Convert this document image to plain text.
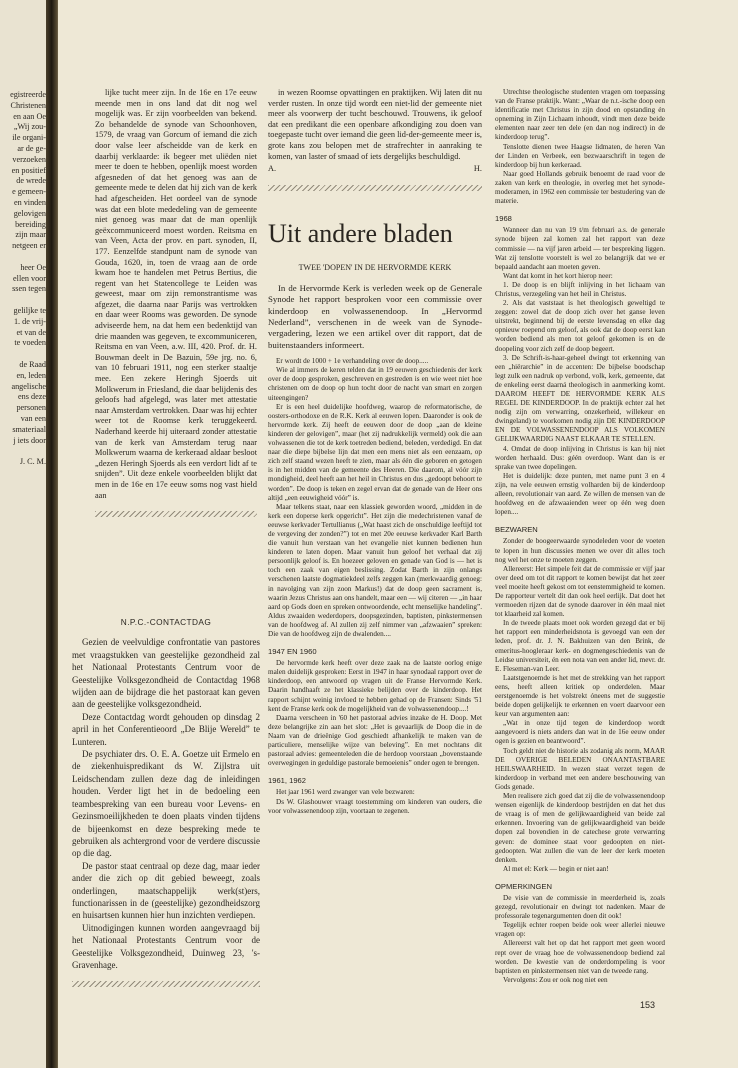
egistreerde
Christenen
en aan Oe
„Wij zou-
ile organi-
ar de ge-
verzoeken
en positief
de wrede
e gemeen-
en vinden
gelovigen
bereiding
zijn maar
netgeen er

heer Oe
ellen voor
ssen tegen

geliljke te
1. de vrij-
et van de
te voeden

de Raad
en, leden
angelische
ens deze
personen
van een
smateriaal
j iets door

J. C. M.

lijke tucht meer zijn. In de 16e en 17e eeuw meende men in ons land dat dit nog wel mogelijk was. Er zijn voorbeelden van bekend. Zo behandelde de synode van Schoonhoven, 1579, de vraag van Gorcum of iemand die zich door valse leer afscheidde van de kerk en daarbij verklaarde: ik begeer met uliëden niet meer te doen te hebben, openlijk moest worden afgesneden of dat het genoeg was aan de gemeente mede te delen dat hij zich van de kerk had afgescheiden. Het oordeel van de synode was dat een blote mededeling van de gemeente niet genoeg was maar dat de man openlijk geëxcommuniceerd moest worden. Reitsma en van Veen, Acta der prov. en part. synoden, II, 177. Eenzelfde standpunt nam de synode van Gouda, 1620, in, toen de vraag aan de orde kwam hoe te handelen met Petrus Bertius, die regent van het Statencollege te Leiden was geweest, maar om zijn remonstrantisme was afgezet, die daarna naar Parijs was vertrokken en daar weer Rooms was geworden. De synode adviseerde hem, na dat hem een bedenktijd van drie maanden was gegeven, te excommuniceren, Reitsma en van Veen, a.w. III, 420. Prof. dr. H. Bouwman deelt in De Bazuin, 59e jrg. no. 6, van 10 februari 1911, nog een sterker staaltje mee. Een zekere Heringh Sjoerds uit Molkwerum in Friesland, die daar belijdenis des geloofs had afgelegd, was later met attestatie naar Amsterdam vertrokken. Daar was hij echter weer tot de Roomse kerk teruggekeerd. Naderhand keerde hij uiteraard zonder attestatie van de kerk van Amsterdam terug naar Molkwerum waarna de kerkeraad aldaar besloot „dezen Heringh Sjoerds als een verdort lidt af te snijden”. Uit deze enkele voorbeelden blijkt dat men in de 16e en 17e eeuw soms nog vast hield aan

N.P.C.-CONTACTDAG

Gezien de veelvuldige confrontatie van pastores met vraagstukken van geestelijke gezondheid zal het Nationaal Protestants Centrum voor de Geestelijke Volksgezondheid de Contactdag 1968 wijden aan de bijdrage die het pastoraat kan geven aan de geestelijke volksgezondheid.

Deze Contactdag wordt gehouden op dinsdag 2 april in het Conferentieoord „De Blije Wereld” te Lunteren.

De psychiater drs. O. E. A. Goetze uit Ermelo en de ziekenhuispredikant ds W. Zijlstra uit Leidschendam zullen deze dag de inleidingen houden. Verder ligt het in de bedoeling een teambespreking van een bureau voor Levens- en Gezinsmoeilijkheden te doen plaats vinden tijdens de bijeenkomst en deze bespreking mede te gebruiken als achtergrond voor de verdere discussie op die dag.

De pastor staat centraal op deze dag, maar ieder ander die zich op dit gebied beweegt, zoals onderlingen, maatschappelijk werk(st)ers, functionarissen in de (geestelijke) gezondheidszorg en huisartsen kunnen hier hun inzichten verdiepen.

Uitnodigingen kunnen worden aangevraagd bij het Nationaal Protestants Centrum voor de Geestelijke Volksgezondheid, Duinweg 23, 's-Gravenhage.

in wezen Roomse opvattingen en praktijken. Wij laten dit nu verder rusten. In onze tijd wordt een niet-lid der gemeente niet meer als voorwerp der tucht beschouwd. Trouwens, ik geloof dat een predikant die een openbare afkondiging zou doen van toegepaste tucht over iemand die geen lid-der-gemeente meer is, grote kans zou belopen met de strafrechter in aanraking te komen, van laster of smaad of iets dergelijks beschuldigd.

A.	H.
Uit andere bladen
TWEE 'DOPEN' IN DE HERVORMDE KERK

In de Hervormde Kerk is verleden week op de Generale Synode het rapport besproken voor een commissie over kinderdoop en volwassenendoop. In „Hervormd Nederland”, verschenen in de week van de Synode-vergadering, lezen we een artikel over dit rapport, dat de buitenstaanders informeert.

Er wordt de 1000 + 1e verhandeling over de doop.....

Wie al immers de keren telden dat in 19 eeuwen geschiedenis der kerk over de doop gesproken, geschreven en gestreden is en wie weet niet hoe christenen om de doop op hun tocht door de nacht van smart en zorgen uiteengingen?

Er is een heel duidelijke hoofdweg, waarop de reformatorische, de oosters-orthodoxe en de R.K. Kerk al eeuwen lopen. Daaronder is ook de hervormde kerk. Zij heeft de eeuwen door de doop „aan de kleine kinderen der gelovigen”, maar (het zij nadrukkelijk vermeld) ook die aan volwassenen die tot de kerk toetreden bediend, beleden, verdedigd. En dat naar die diepe bijbelse lijn dat men een mens niet als een eenzaam, op zich zelf staand wezen heeft te zien, maar als één die geboren en getogen is in het midden van de gemeente des Heeren. Die daarom, al vóór zijn mondigheid, deel heeft aan het heil in Christus en dus „gedoopt behoort te worden”. De doop is teken en zegel ervan dat de genade van de Heer ons altijd „een eeuwigheid vóór” is.

Maar telkens staat, naar een klassiek geworden woord, „midden in de kerk een doperse kerk opgericht”. Het zijn die medechristenen vanaf de eeuwse kerkvader Tertullianus („Wat haast zich de onschuldige leeftijd tot de vergeving der zonden?”) tot en met 20e eeuwse kerkvader Karl Barth die vanuit hun verstaan van het evangelie niet kunnen bedienen hun kinderen te laten dopen. Maar vanuit hun geloof het verhaal dat zij persoonlijk geloof is. En hoezeer geloven en genade van God is — het is toch een zaak van eigen beslissing. Zodat Barth in zijn onlangs verschenen laatste dogmatiekdeel zelfs zeggen kan (merkwaardig genoeg: in navolging van zijn zoon Markus!) dat de doop geen sacrament is, waarin Jezus Christus aan ons handelt, maar een — wij citeren — „in haar aard op Gods doen en spreken ontwoordende, echt menselijke handeling”. Aldus zwaaiden wederdopers, doopsgezinden, baptisten, pinkstermensen van de hoofdweg af. Al zullen zij zelf nimmer van „afzwaaien” spreken: Die van de hoofdweg zijn de dwalenden....

1947 EN 1960

De hervormde kerk heeft over deze zaak na de laatste oorlog enige malen duidelijk gesproken: Eerst in 1947 in haar synodaal rapport over de kinderdoop, een antwoord op vragen uit de Franse Hervormde Kerk. Daarin handhaaft ze het klassieke belijden over de kinderdoop. Het rapport schijnt weinig invloed te hebben gehad op de Fransen: Sinds '51 kent de Franse kerk ook de mogelijkheid van de volwassenendoop....!

Daarna verscheen in '60 het pastoraal advies inzake de H. Doop. Met deze belangrijke zin aan het slot: „Het is gevaarlijk de Doop die in de Naam van de drieënige God geschiedt afhankelijk te maken van de particuliere, menselijke wijze van beleving”. En met nochtans dit pastoraal advies: gemeenteleden die de herdoop voorstaan „bovenstaande overwegingen in geduldige pastorale bemoeienis” onder ogen te brengen.

1961, 1962

Het jaar 1961 werd zwanger van vele bezwaren:

Ds W. Glashouwer vraagt toestemming om kinderen van ouders, die voor volwassenendoop zijn, voortaan te zegenen.

Utrechtse theologische studenten vragen om toepassing van de Franse praktijk. Want: „Waar de n.t.-ische doop een identificatie met Christus in zijn dood en opstanding én opneming in Zijn Lichaam inhoudt, vindt men deze beide elementen naar zeer ten dele (en dan nog indirect) in de kinderdoop terug”.

Tenslotte dienen twee Haagse lidmaten, de heren Van der Linden en Verbeek, een bezwaarschrift in tegen de kinderdoop bij hun kerkeraad.

Naar goed Hollands gebruik benoemt de raad voor de zaken van kerk en theologie, in overleg met het synode-moderamen, in 1962 een commissie ter bestudering van de materie.

1968

Wanneer dan nu van 19 t/m februari a.s. de generale synode bijeen zal komen zal het rapport van deze commissie — na vijf jaren arbeid — ter bespreking liggen. Wat zij tenslotte voorstelt is wel zo belangrijk dat we er bepaald aandacht aan moeten geven.

Want dat komt in het kort hierop neer:

1. De doop is en blijft inlijving in het lichaam van Christus, verzegeling van het heil in Christus.

2. Als dat vaststaat is het theologisch geweltigd te zeggen: zowel dat de doop zich over het ganse leven uitstrekt, beginnend bij de eerste levensdag en elke dag opnieuw roepend om geloof, als ook dat de doop eerst kan worden bediend als men tot geloof gekomen is en de doopeling voor zich zelf de doop begeert.

3. De Schrift-is-haar-geheel dwingt tot erkenning van een „hiërarchie” in de accenten: De bijbelse boodschap legt zulk een nadruk op verbond, volk, kerk, gemeente, dat de enkeling eerst daarná theologisch in aanmerking komt. DAAROM HEEFT DE HERVORMDE KERK ALS REGEL DE KINDERDOOP. In de praktijk echter zal het nodig zijn om verwarring, onzekerheid, willekeur en dwingeland) te voorkomen nodig zijn DE KINDERDOOP EN DE VOLWASSENENDOOP ALS VOLKOMEN GELIJKWAARDIG NAAST ELKAAR TE STELLEN.

4. Omdat de doop inlijving in Christus is kan hij niet worden herhaald. Dus: géén overdoop. Want dan is er sprake van twee dopelingen.

Het is duidelijk: deze punten, met name punt 3 en 4 zijn, na vele eeuwen ernstig volharden bij de kinderdoop alleen, revolutionair van aard. Ze willen de mensen van de hoofdweg en de afzwaaienden weer op één weg doen lopen....

BEZWAREN

Zonder de boogeerwaarde synodeleden voor de voeten te lopen in hun discussies menen we over dit alles toch nog wel het onze te moeten zeggen.

Allereerst: Het simpele feit dat de commissie er vijf jaar over deed om tot dit rapport te komen bewijst dat het zeer veel moeite heeft gekost om tot eenstemmigheid te komen. De rapporteur vertelt dit dan ook heel eerlijk. Dat doet het vermoeden rijzen dat de synode daarover in één maal niet tot klaarheid zal komen.

In de tweede plaats moet ook worden gezegd dat er bij het rapport een minderheidsnota is gevoegd van een der leden, prof. dr. J. N. Bakhuizen van den Brink, de emeritus-hoogleraar kerk- en dogmengeschiedenis van de Leidse universiteit, én een nota van een ander lid, mevr. dr. E. Fleseman-van Leer.

Laatstgenoemde is het met de strekking van het rapport eens, heeft alleen kritiek op onderdelen. Maar eerstgenoemde is het volstrekt óneens met de suggestie beide dopen gelijkelijk te erkennen en voert daarvoor een keur van argumenten aan:

„Wat in onze tijd tegen de kinderdoop wordt aangevoerd is niets anders dan wat in de 16e eeuw onder ogen is gezien en beantwoord”.

Toch geldt niet de historie als zodanig als norm, MAAR DE OVERIGE BELEDEN ONAANTASTBARE HEILSWAARHEID. In wezen staat verzet tegen de kinderdoop in verband met een andere beschouwing van Gods genade.

Men realisere zich goed dat zij die de volwassenendoop wensen eigenlijk de kinderdoop bestrijden en dat het dus de vraag is of men de gelijkwaardigheid van beide zal erkennen. Invoering van de gelijkwaardigheid van beide dopen zal bovendien in de catechese grote verwarring geven: de dominee staat voor gedoopten en niet-gedoopten. Wat zullen die van de leer der kerk moeten denken.

Al met el: Kerk — begin er niet aan!

OPMERKINGEN

De visie van de commissie in meerderheid is, zoals gezegd, revolutionair en dwingt tot nadenken. Maar de professorale tegenargumenten doen dit ook!

Tegelijk echter roepen beide ook weer allerlei nieuwe vragen op:

Allereerst valt het op dat het rapport met geen woord rept over de vraag hoe de volwassenendoop bediend zal worden. De kwestie van de onderdompeling is voor baptisten en pinkstermensen niet van de tweede rang.

Vervolgens: Zou er ook nog niet een

153
